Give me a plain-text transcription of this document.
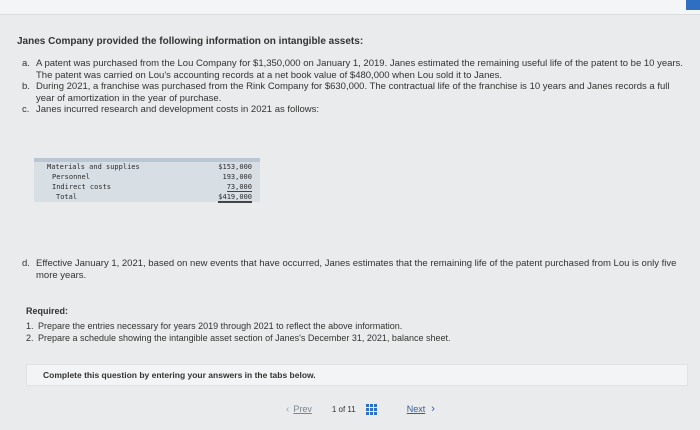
Janes Company provided the following information on intangible assets:
a. A patent was purchased from the Lou Company for $1,350,000 on January 1, 2019. Janes estimated the remaining useful life of the patent to be 10 years. The patent was carried on Lou's accounting records at a net book value of $480,000 when Lou sold it to Janes.
b. During 2021, a franchise was purchased from the Rink Company for $630,000. The contractual life of the franchise is 10 years and Janes records a full year of amortization in the year of purchase.
c. Janes incurred research and development costs in 2021 as follows:
Materials and supplies	$153,000
Personnel	193,000
Indirect costs	73,000
Total	$419,000
d. Effective January 1, 2021, based on new events that have occurred, Janes estimates that the remaining life of the patent purchased from Lou is only five more years.
Required:
1. Prepare the entries necessary for years 2019 through 2021 to reflect the above information.
2. Prepare a schedule showing the intangible asset section of Janes's December 31, 2021, balance sheet.
Complete this question by entering your answers in the tabs below.
‹ Prev	1 of 11	Next ›
